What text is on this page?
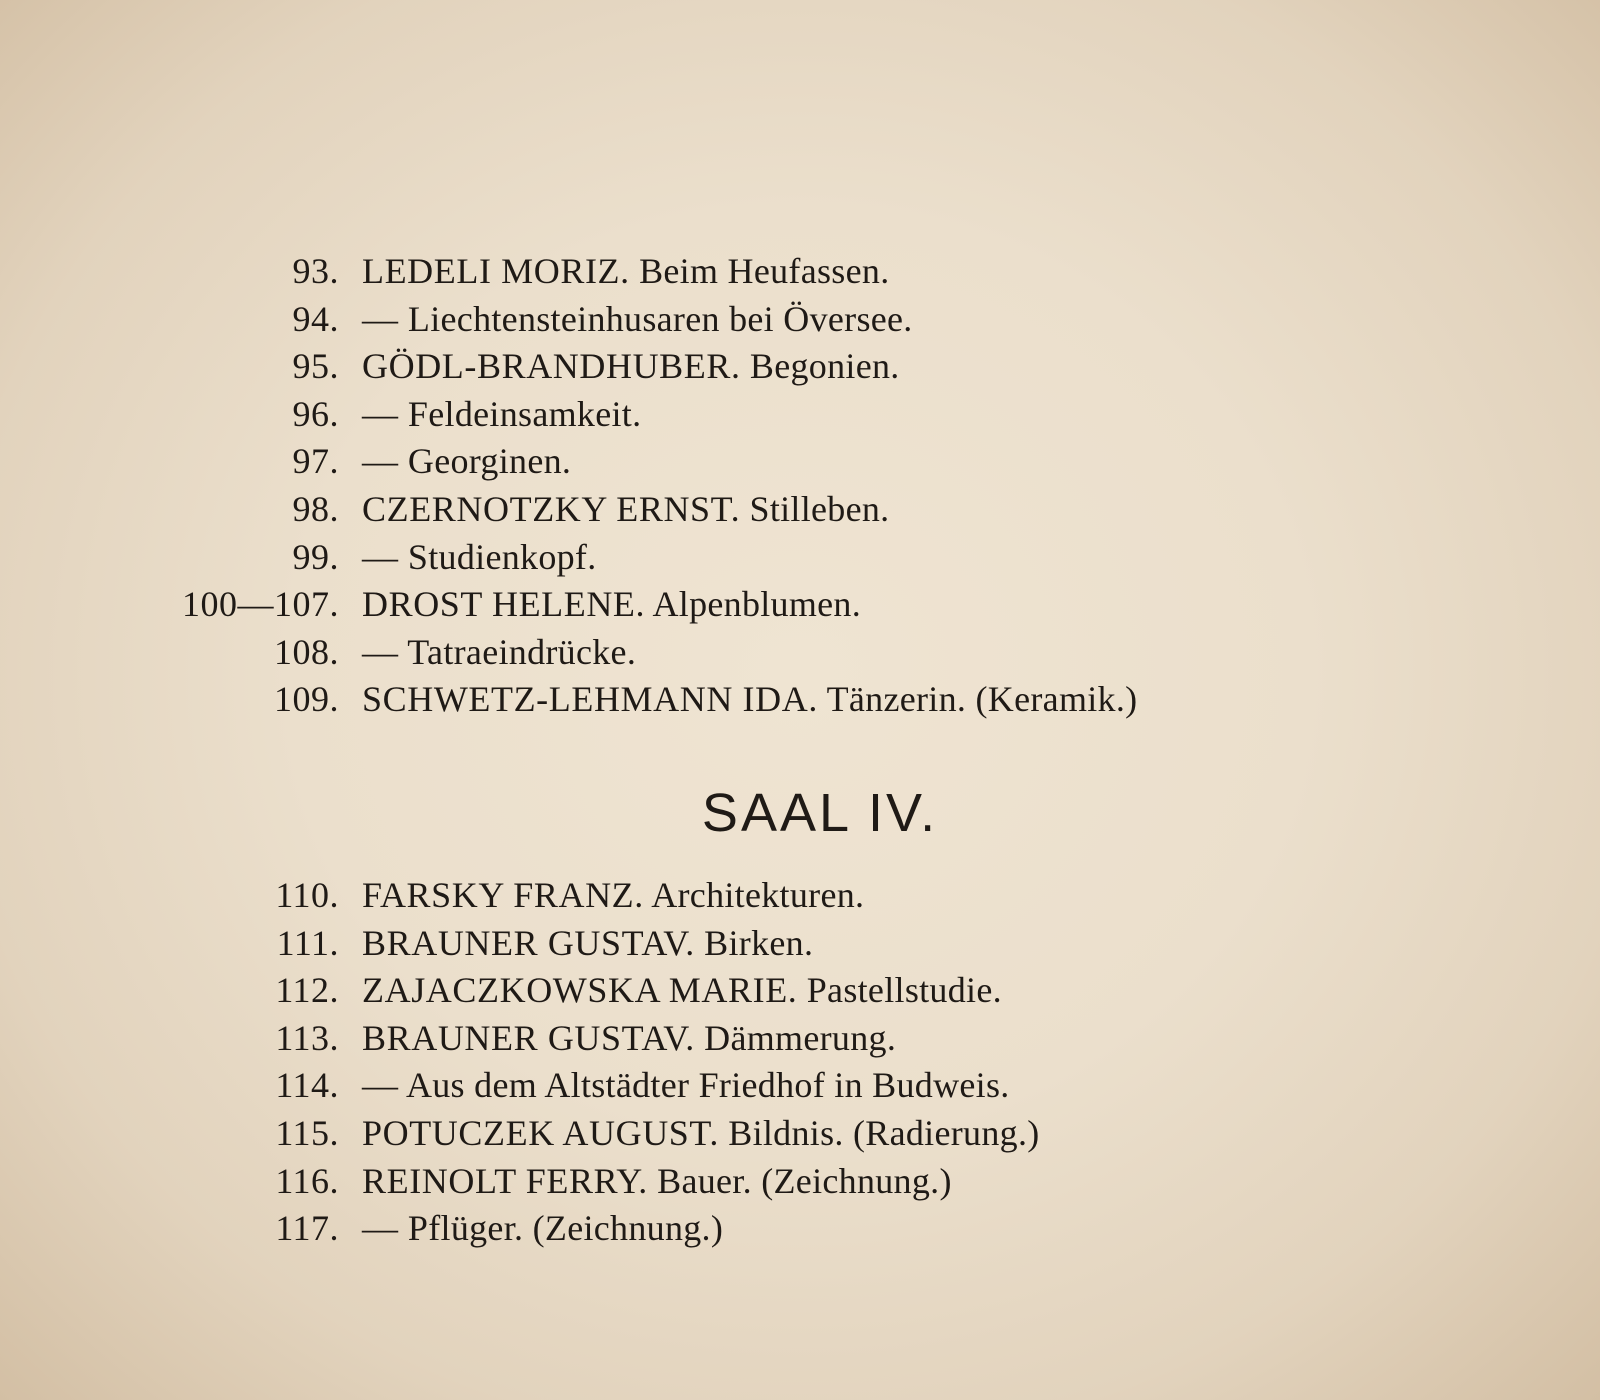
93. LEDELI MORIZ. Beim Heufassen.
94. — Liechtensteinhusaren bei Översee.
95. GÖDL-BRANDHUBER. Begonien.
96. — Feldeinsamkeit.
97. — Georginen.
98. CZERNOTZKY ERNST. Stilleben.
99. — Studienkopf.
100—107. DROST HELENE. Alpenblumen.
108. — Tatraeindrücke.
109. SCHWETZ-LEHMANN IDA. Tänzerin. (Keramik.)
SAAL IV.
110. FARSKY FRANZ. Architekturen.
111. BRAUNER GUSTAV. Birken.
112. ZAJACZKOWSKA MARIE. Pastellstudie.
113. BRAUNER GUSTAV. Dämmerung.
114. — Aus dem Altstädter Friedhof in Budweis.
115. POTUCZEK AUGUST. Bildnis. (Radierung.)
116. REINOLT FERRY. Bauer. (Zeichnung.)
117. — Pflüger. (Zeichnung.)
